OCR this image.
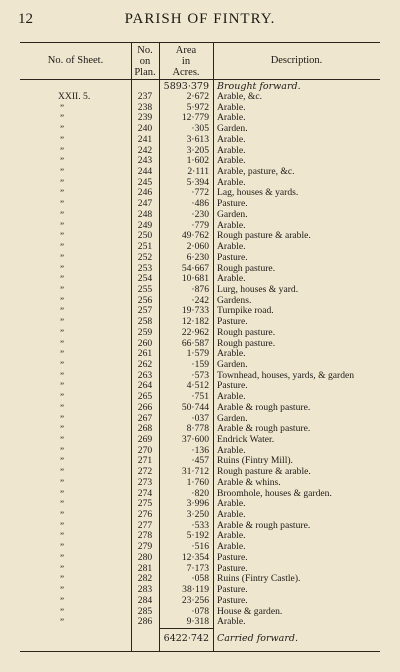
12	PARISH OF FINTRY.
No. of Sheet.
No.
on
Plan.
Area
in
Acres.
Description.
5893·379 Brought forward.
XXII. 5.	237	2·672 Arable, &c.
”	238	5·972 Arable.
”	239	12·779 Arable.
”	240	·305 Garden.
”	241	3·613 Arable.
”	242	3·205 Arable.
”	243	1·602 Arable.
”	244	2·111 Arable, pasture, &c.
”	245	5·394 Arable.
”	246	·772 Lag, houses & yards.
”	247	·486 Pasture.
”	248	·230 Garden.
”	249	·779 Arable.
”	250	49·762 Rough pasture & arable.
”	251	2·060 Arable.
”	252	6·230 Pasture.
”	253	54·667 Rough pasture.
”	254	10·681 Arable.
”	255	·876 Lurg, houses & yard.
”	256	·242 Gardens.
”	257	19·733 Turnpike road.
”	258	12·182 Pasture.
”	259	22·962 Rough pasture.
”	260	66·587 Rough pasture.
”	261	1·579 Arable.
”	262	·159 Garden.
”	263	·573 Townhead, houses, yards, & garden
”	264	4·512 Pasture.
”	265	·751 Arable.
”	266	50·744 Arable & rough pasture.
”	267	·037 Garden.
”	268	8·778 Arable & rough pasture.
”	269	37·600 Endrick Water.
”	270	·136 Arable.
”	271	·457 Ruins (Fintry Mill).
”	272	31·712 Rough pasture & arable.
”	273	1·760 Arable & whins.
”	274	·820 Broomhole, houses & garden.
”	275	3·996 Arable.
”	276	3·250 Arable.
”	277	·533 Arable & rough pasture.
”	278	5·192 Arable.
”	279	·516 Arable.
”	280	12·354 Pasture.
”	281	7·173 Pasture.
”	282	·058 Ruins (Fintry Castle).
”	283	38·119 Pasture.
”	284	23·256 Pasture.
”	285	·078 House & garden.
”	286	9·318 Arable.
6422·742 Carried forward.
